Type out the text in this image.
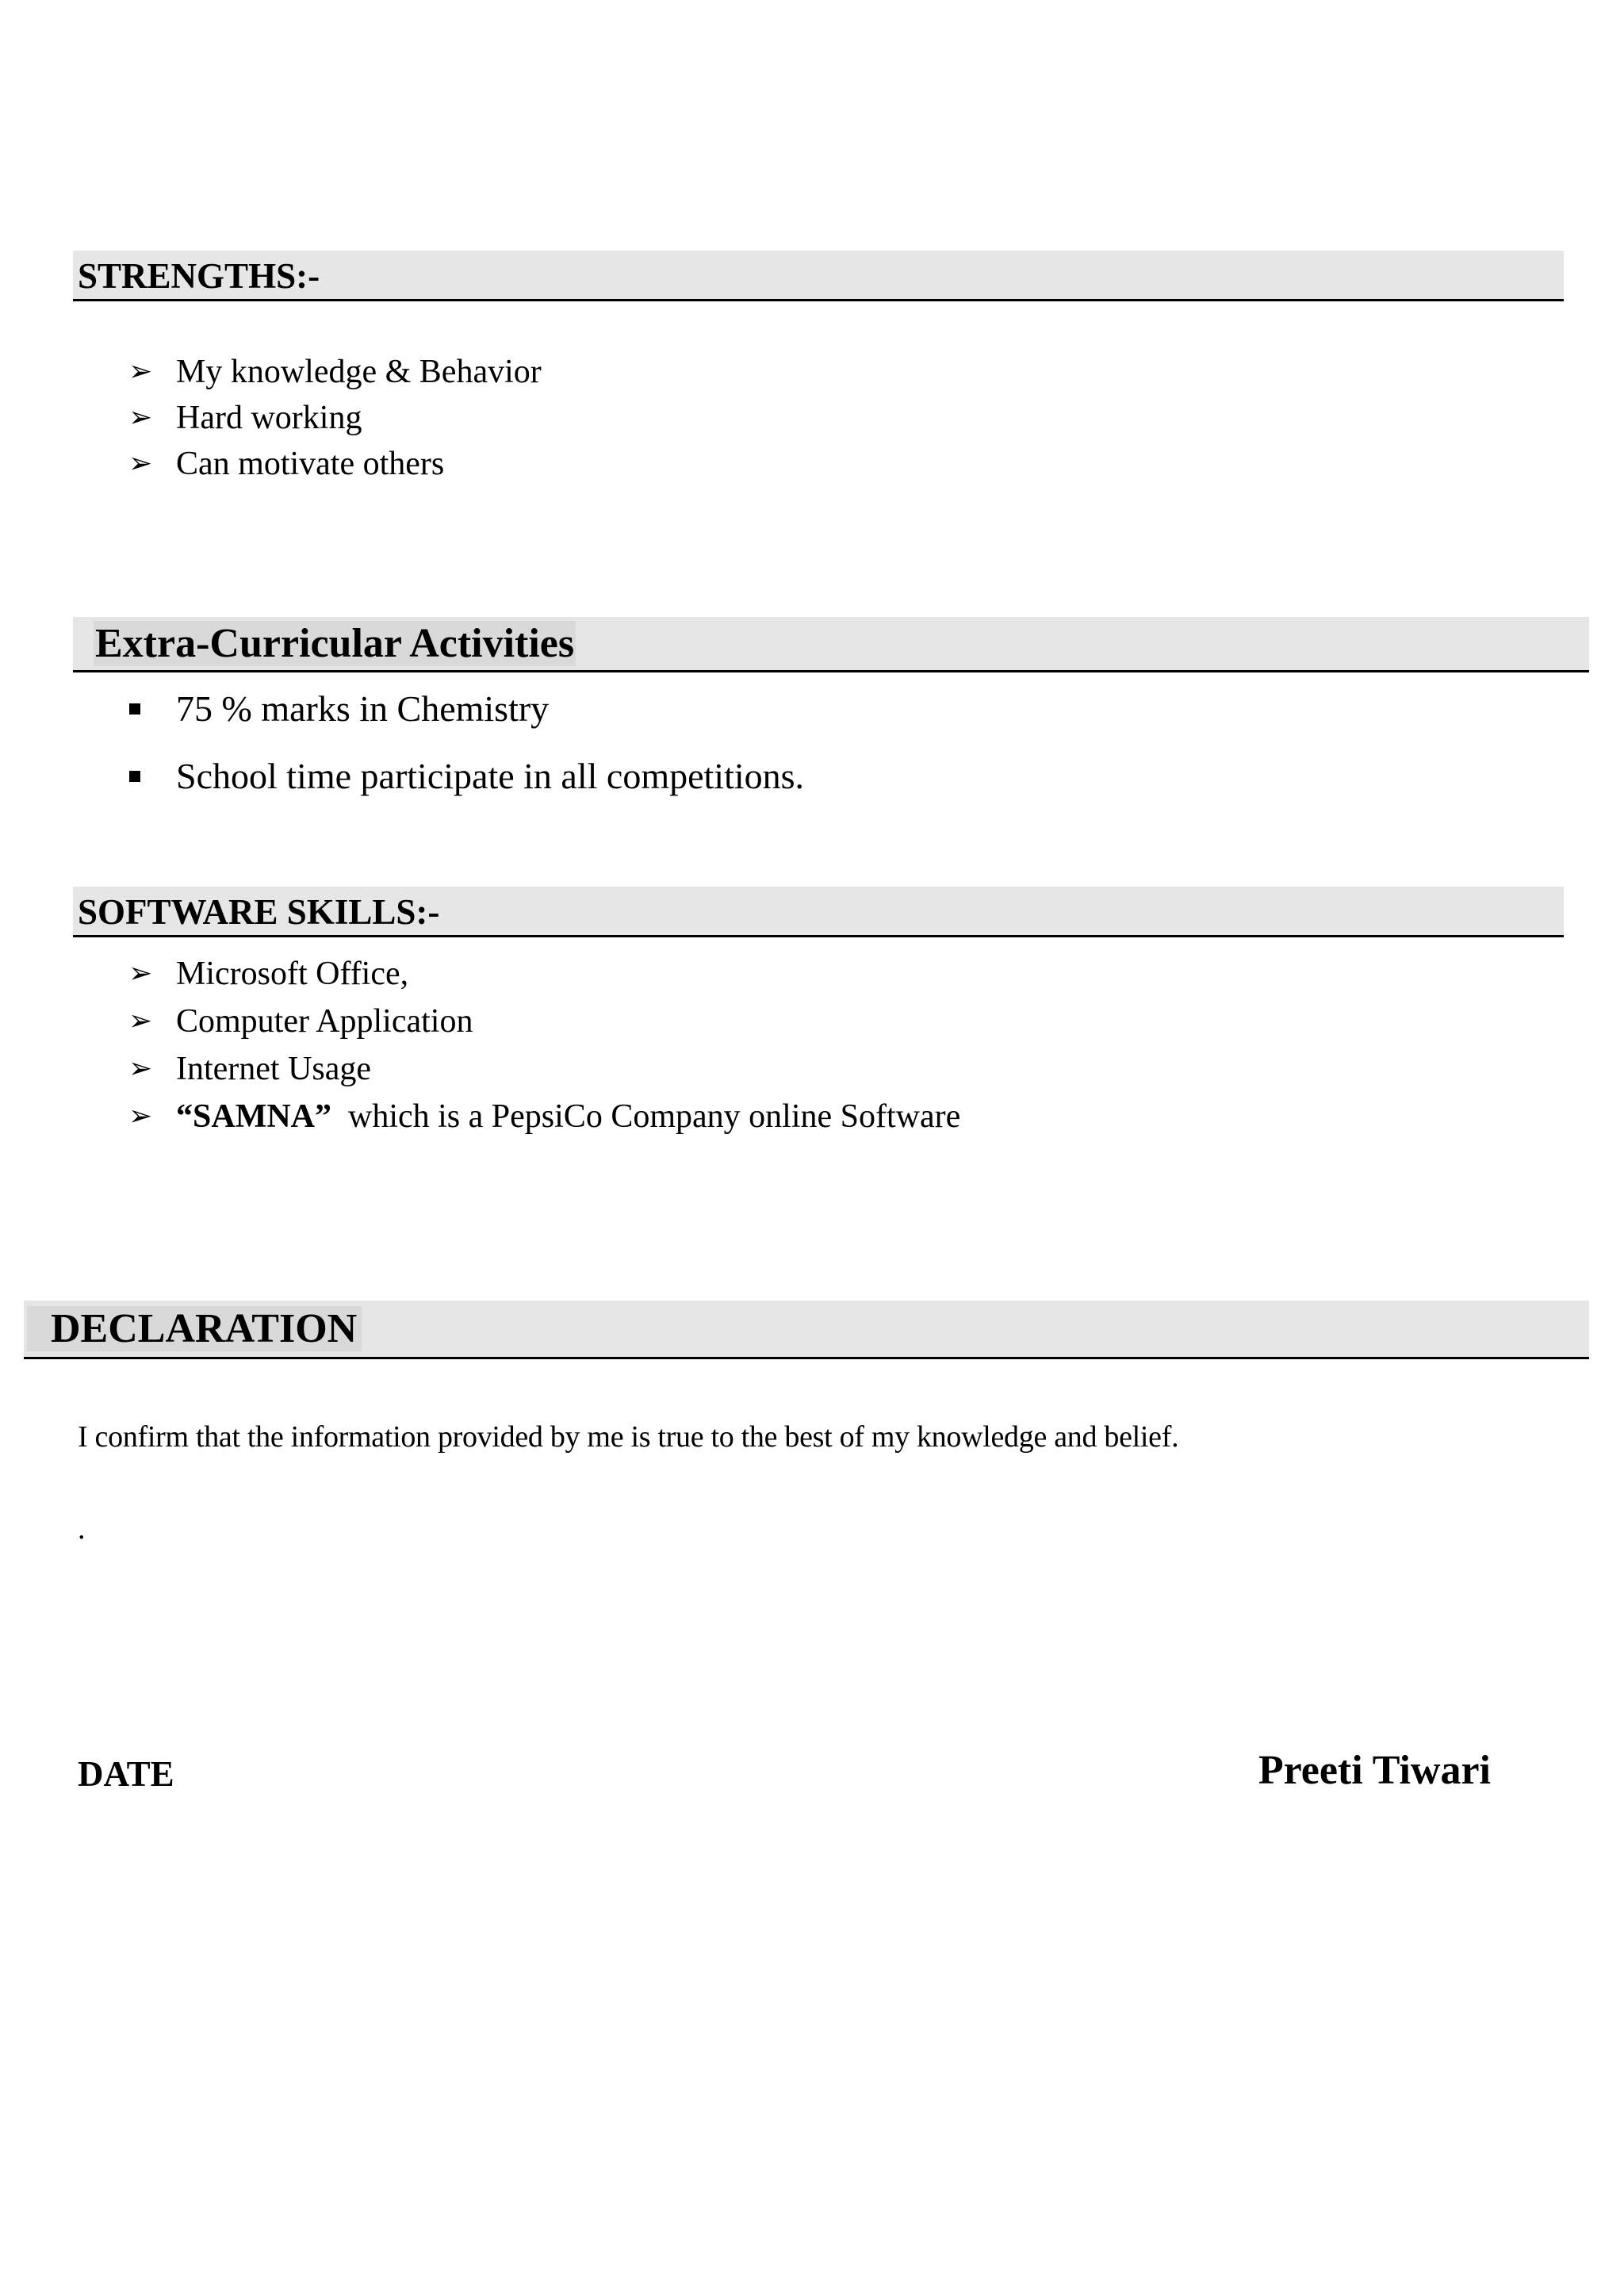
STRENGTHS:-
➢ My knowledge & Behavior
➢ Hard working
➢ Can motivate others
Extra-Curricular Activities
75 % marks in Chemistry
School time participate in all competitions.
SOFTWARE SKILLS:-
➢ Microsoft Office,
➢ Computer Application
➢ Internet Usage
➢ “SAMNA”  which is a PepsiCo Company online Software
DECLARATION
I confirm that the information provided by me is true to the best of my knowledge and belief.
.
DATE	Preeti Tiwari
